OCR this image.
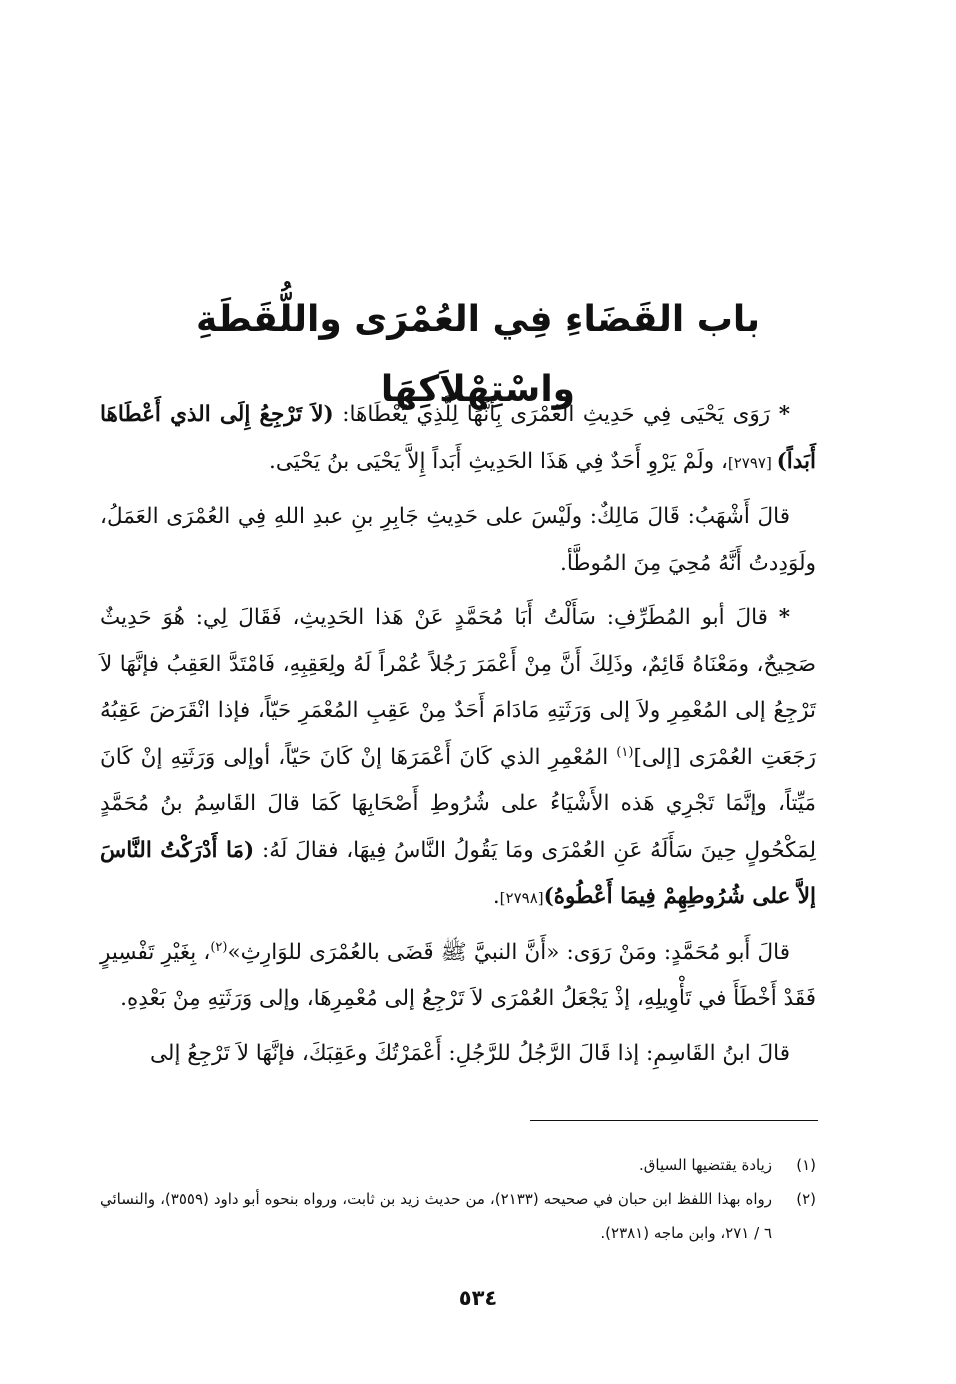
باب القَضَاءِ فِي العُمْرَى واللُّقَطَةِ واسْتِهْلاَكِهَا

* رَوَى يَحْيَى فِي حَدِيثِ العُمْرَى بِأَنَّهَا لِلَّذِي يُعْطَاهَا: (لاَ تَرْجِعُ إِلَى الذي أَعْطَاهَا أَبَداً) [٢٧٩٧]، ولَمْ يَرْوِ أَحَدٌ فِي هَذَا الحَدِيثِ أَبَداً إِلاَّ يَحْيَى بنُ يَحْيَى.

قالَ أَشْهَبُ: قَالَ مَالِكٌ: ولَيْسَ على حَدِيثِ جَابِرِ بنِ عبدِ اللهِ فِي العُمْرَى العَمَلُ، ولَوَدِدتُ أَنَّهُ مُحِيَ مِنَ المُوطَّأ.

* قالَ أبو المُطَرِّفِ: سَأَلْتُ أَبَا مُحَمَّدٍ عَنْ هَذا الحَدِيثِ، فَقَالَ لِي: هُوَ حَدِيثٌ صَحِيحٌ، ومَعْنَاهُ قَائِمٌ، وذَلِكَ أَنَّ مِنْ أَعْمَرَ رَجُلاً عُمْراً لَهُ ولِعَقِبِهِ، فَامْتَدَّ العَقِبُ فإنَّهَا لاَ تَرْجِعُ إلى المُعْمِرِ ولاَ إلى وَرَثَتِهِ مَادَامَ أَحَدٌ مِنْ عَقِبِ المُعْمَرِ حَيّاً، فإذا انْقَرَضَ عَقِبُهُ رَجَعَتِ العُمْرَى [إلى]$^{(١)}$ المُعْمِرِ الذي كَانَ أَعْمَرَهَا إنْ كَانَ حَيّاً، أوإلى وَرَثَتِهِ إنْ كَانَ مَيِّتاً، وإنَّمَا تَجْرِي هَذه الأَشْيَاءُ على شُرُوطِ أَصْحَابِهَا كَمَا قالَ القَاسِمُ بنُ مُحَمَّدٍ لِمَكْحُولٍ حِينَ سَأَلَهُ عَنِ العُمْرَى ومَا يَقُولُ النَّاسُ فِيهَا، فقالَ لَهُ: (مَا أَدْرَكْتُ النَّاسَ إلاَّ على شُرُوطِهِمْ فِيمَا أَعْطُوهُ)[٢٧٩٨].

قالَ أَبو مُحَمَّدٍ: ومَنْ رَوَى: «أَنَّ النبيَّ ﷺ قَضَى بالعُمْرَى للوَارِثِ»$^{(٢)}$، بِغَيْرِ تَفْسِيرٍ فَقَدْ أَخْطَأَ في تَأْوِيلِهِ، إذْ يَجْعَلُ العُمْرَى لاَ تَرْجِعُ إلى مُعْمِرِهَا، وإلى وَرَثَتِهِ مِنْ بَعْدِهِ.

قالَ ابنُ القَاسِمِ: إذا قَالَ الرَّجُلُ للرَّجُلِ: أَعْمَرْتُكَ وعَقِبَكَ، فإنَّهَا لاَ تَرْجِعُ إلى

(١)
زيادة يقتضيها السياق.
(٢)
رواه بهذا اللفظ ابن حبان في صحيحه (٢١٣٣)، من حديث زيد بن ثابت، ورواه بنحوه أبو داود (٣٥٥٩)، والنسائي ٦ / ٢٧١، وابن ماجه (٢٣٨١).
٥٣٤
